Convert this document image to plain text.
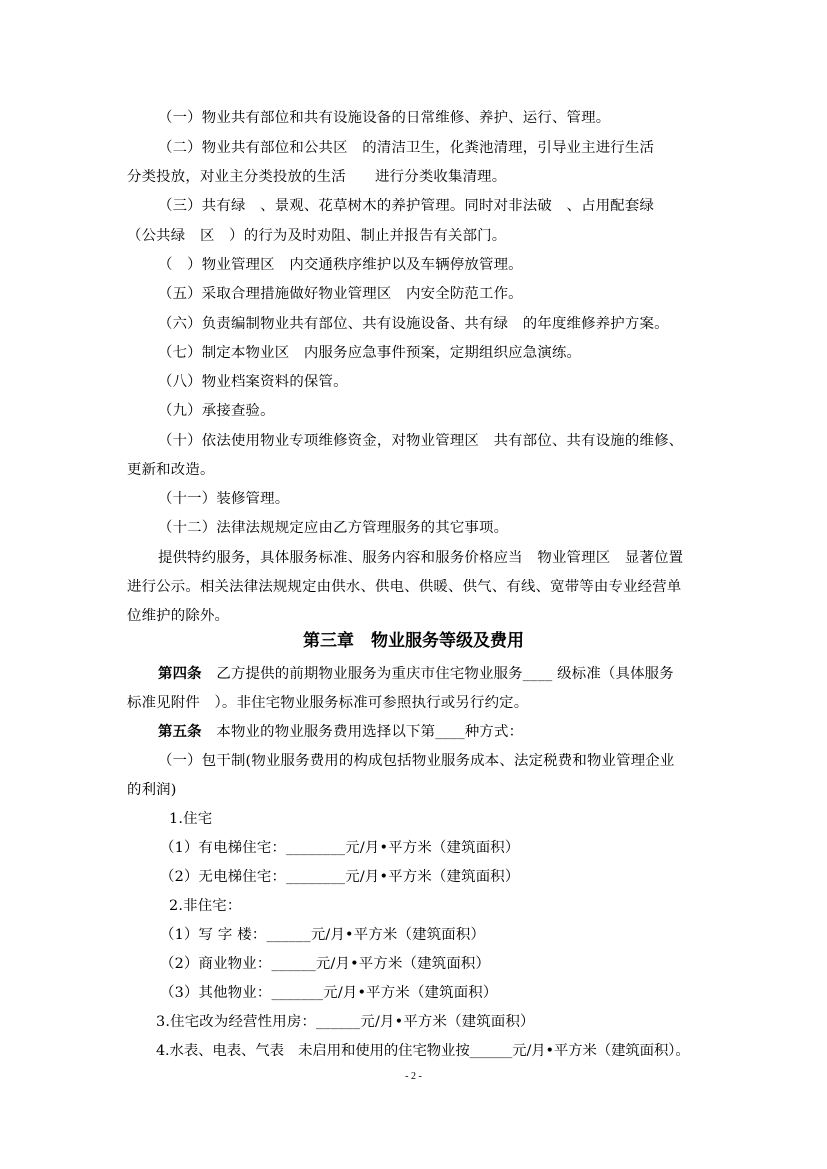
（一）物业共有部位和共有设施设备的日常维修、养护、运行、管理。
（二）物业共有部位和公共区　的清洁卫生，化粪池清理，引导业主进行生活
分类投放，对业主分类投放的生活　　进行分类收集清理。
（三）共有绿　、景观、花草树木的养护管理。同时对非法破　、占用配套绿
（公共绿　区　）的行为及时劝阻、制止并报告有关部门。
（　）物业管理区　内交通秩序维护以及车辆停放管理。
（五）采取合理措施做好物业管理区　内安全防范工作。
（六）负责编制物业共有部位、共有设施设备、共有绿　的年度维修养护方案。
（七）制定本物业区　内服务应急事件预案，定期组织应急演练。
（八）物业档案资料的保管。
（九）承接查验。
（十）依法使用物业专项维修资金，对物业管理区　共有部位、共有设施的维修、
更新和改造。
（十一）装修管理。
（十二）法律法规规定应由乙方管理服务的其它事项。
提供特约服务，具体服务标准、服务内容和服务价格应当　物业管理区　显著位置
进行公示。相关法律法规规定由供水、供电、供暖、供气、有线、宽带等由专业经营单
位维护的除外。
第三章　物业服务等级及费用
第四条　乙方提供的前期物业服务为重庆市住宅物业服务____ 级标准（具体服务
标准见附件　）。非住宅物业服务标准可参照执行或另行约定。
第五条　本物业的物业服务费用选择以下第____种方式：
（一）包干制(物业服务费用的构成包括物业服务成本、法定税费和物业管理企业
的利润)
1.住宅
（1）有电梯住宅：________元/月•平方米（建筑面积）
（2）无电梯住宅：________元/月•平方米（建筑面积）
2.非住宅：
（1）写 字 楼：______元/月•平方米（建筑面积）
（2）商业物业：______元/月•平方米（建筑面积）
（3）其他物业：_______元/月•平方米（建筑面积）
3.住宅改为经营性用房：______元/月•平方米（建筑面积）
4.水表、电表、气表　未启用和使用的住宅物业按______元/月•平方米（建筑面积）。
- 2 -
